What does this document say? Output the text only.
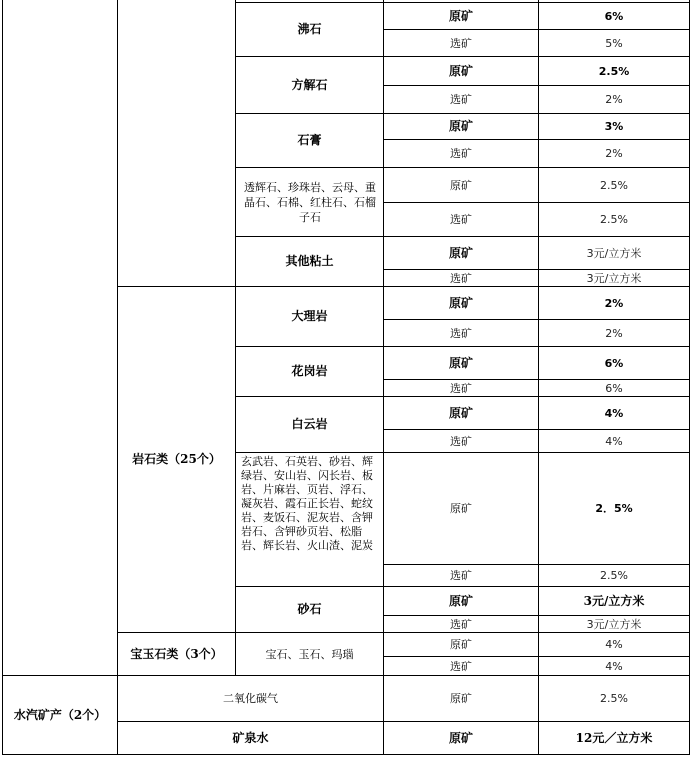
沸石
原矿	6%
选矿	5%
方解石
原矿	2.5%
选矿	2%
石膏
原矿	3%
选矿	2%
透辉石、珍珠岩、云母、重晶石、石棉、红柱石、石榴子石
原矿	2.5%
选矿	2.5%
其他粘土
原矿	3元/立方米
选矿	3元/立方米
岩石类（25个）
大理岩
原矿	2%
选矿	2%
花岗岩
原矿	6%
选矿	6%
白云岩
原矿	4%
选矿	4%
玄武岩、石英岩、砂岩、辉绿岩、安山岩、闪长岩、板岩、片麻岩、页岩、浮石、凝灰岩、霞石正长岩、蛇纹岩、麦饭石、泥灰岩、含钾岩石、含钾砂页岩、松脂岩、辉长岩、火山渣、泥炭
原矿	2．5%
选矿	2.5%
砂石
原矿	3元/立方米
选矿	3元/立方米
宝玉石类（3个）	宝石、玉石、玛瑙
原矿	4%
选矿	4%
水汽矿产（2个）
二氧化碳气	原矿	2.5%
矿泉水	原矿	12元／立方米
